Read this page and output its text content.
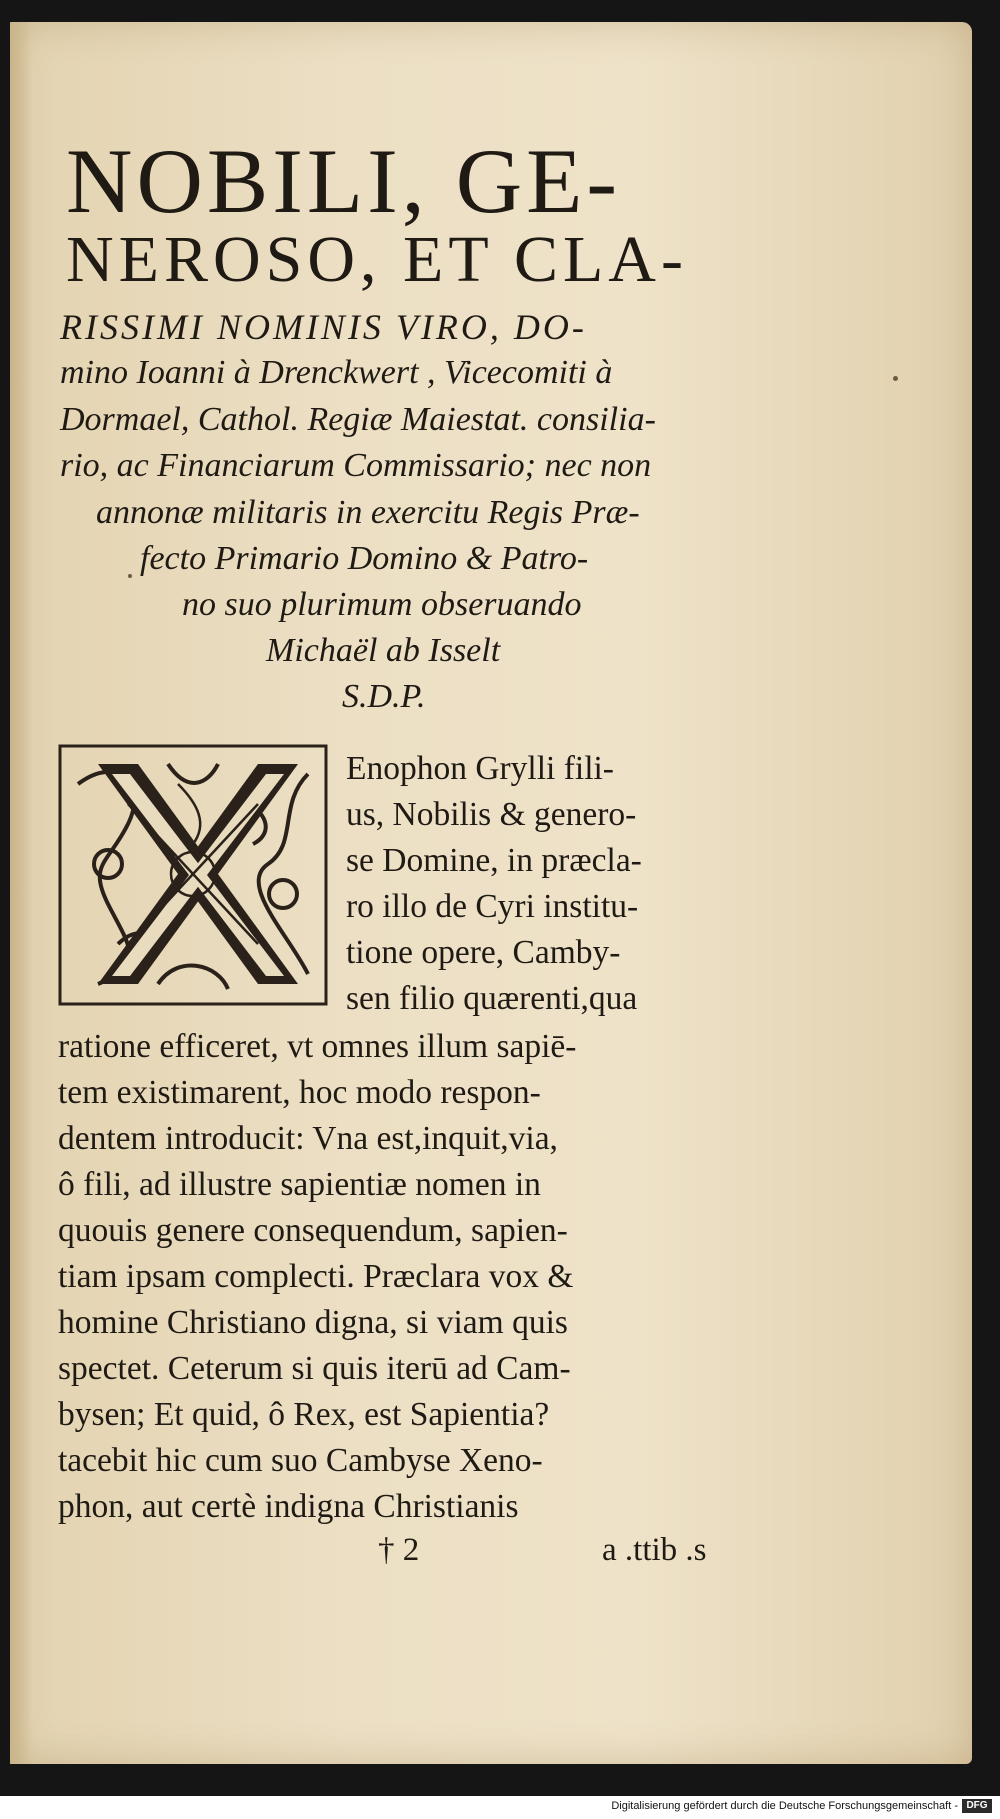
NOBILI, GE-
NEROSO, ET CLA-
RISSIMI NOMINIS VIRO, DO-
mino Ioanni à Drenckwert , Vicecomiti à
Dormael, Cathol. Regiæ Maiestat. consilia-
rio, ac Financiarum Commissario; nec non
annonæ militaris in exercitu Regis Præ-
fecto Primario Domino & Patro-
no suo plurimum obseruando
Michaël ab Isselt
S.D.P.
Enophon Grylli fili-
us, Nobilis & genero-
se Domine, in præcla-
ro illo de Cyri institu-
tione opere, Camby-
sen filio quærenti,qua
ratione efficeret, vt omnes illum sapiē-
tem existimarent, hoc modo respon-
dentem introducit: Vna est,inquit,via,
ô fili, ad illustre sapientiæ nomen in
quouis genere consequendum, sapien-
tiam ipsam complecti. Præclara vox &
homine Christiano digna, si viam quis
spectet. Ceterum si quis iterū ad Cam-
bysen; Et quid, ô Rex, est Sapientia?
tacebit hic cum suo Cambyse Xeno-
phon, aut certè indigna Christianis
† 2	a .ttib .s
Digitalisierung gefördert durch die Deutsche Forschungsgemeinschaft - DFG
